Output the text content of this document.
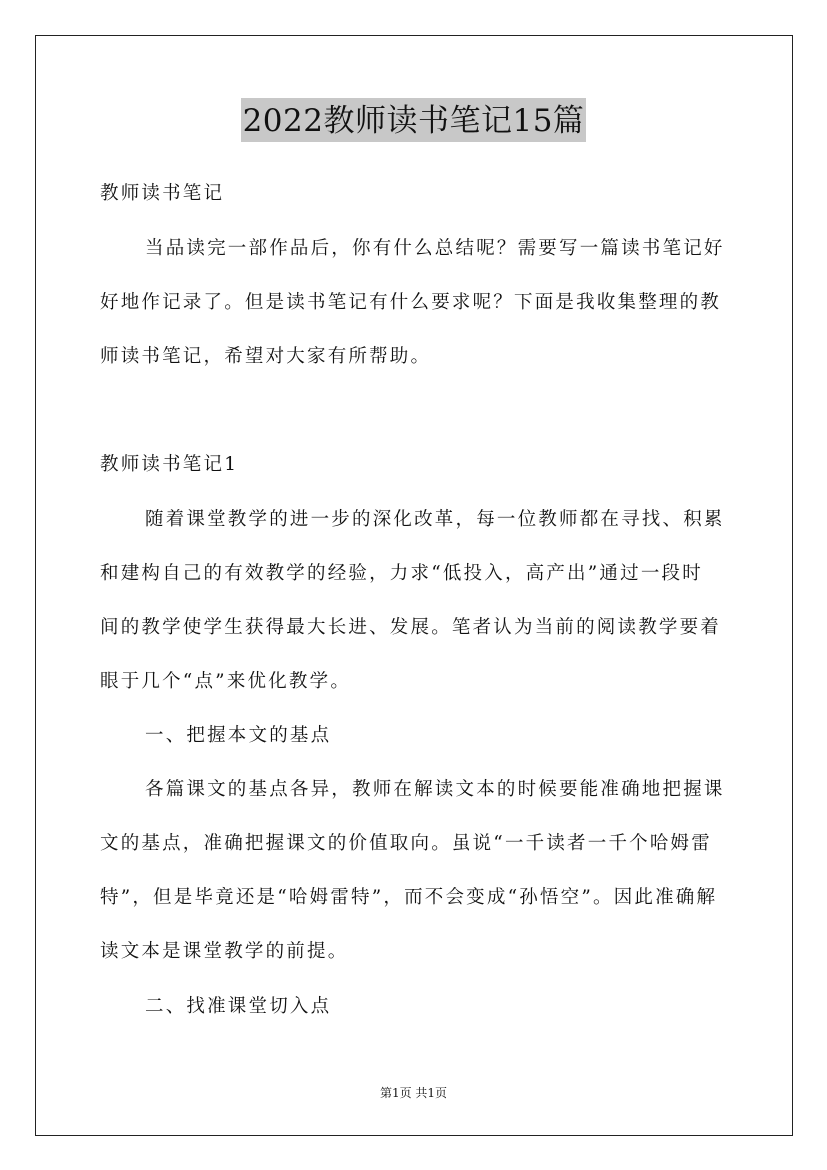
2022教师读书笔记15篇
教师读书笔记
当品读完一部作品后，你有什么总结呢？需要写一篇读书笔记好
好地作记录了。但是读书笔记有什么要求呢？下面是我收集整理的教
师读书笔记，希望对大家有所帮助。
教师读书笔记1
随着课堂教学的进一步的深化改革，每一位教师都在寻找、积累
和建构自己的有效教学的经验，力求“低投入，高产出”通过一段时
间的教学使学生获得最大长进、发展。笔者认为当前的阅读教学要着
眼于几个“点”来优化教学。
一、把握本文的基点
各篇课文的基点各异，教师在解读文本的时候要能准确地把握课
文的基点，准确把握课文的价值取向。虽说“一千读者一千个哈姆雷
特”，但是毕竟还是“哈姆雷特”，而不会变成“孙悟空”。因此准确解
读文本是课堂教学的前提。
二、找准课堂切入点
第1页 共1页
